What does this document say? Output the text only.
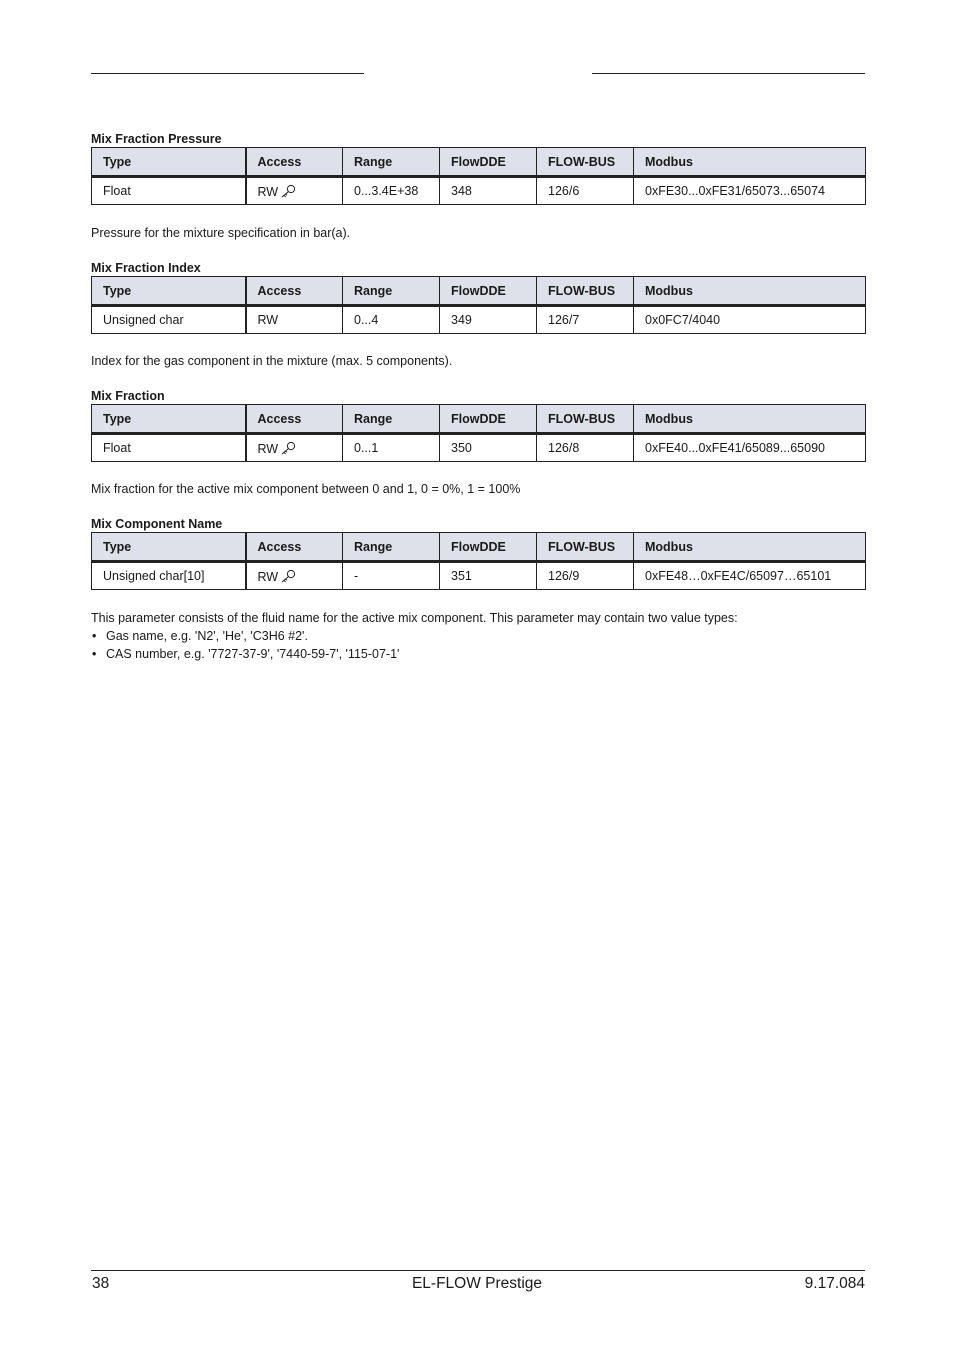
Mix Fraction Pressure
Type	Access	Range	FlowDDE	FLOW-BUS	Modbus
Float	RW	0...3.4E+38	348	126/6	0xFE30...0xFE31/65073...65074
Pressure for the mixture specification in bar(a).
Mix Fraction Index
Type	Access	Range	FlowDDE	FLOW-BUS	Modbus
Unsigned char	RW	0...4	349	126/7	0x0FC7/4040
Index for the gas component in the mixture (max. 5 components).
Mix Fraction
Type	Access	Range	FlowDDE	FLOW-BUS	Modbus
Float	RW	0...1	350	126/8	0xFE40...0xFE41/65089...65090
Mix fraction for the active mix component between 0 and 1, 0 = 0%, 1 = 100%
Mix Component Name
Type	Access	Range	FlowDDE	FLOW-BUS	Modbus
Unsigned char[10]	RW	-	351	126/9	0xFE48…0xFE4C/65097…65101
This parameter consists of the fluid name for the active mix component. This parameter may contain two value types:
• Gas name, e.g. 'N2', 'He', 'C3H6 #2'.
• CAS number, e.g. '7727-37-9', '7440-59-7', '115-07-1'
38	EL-FLOW Prestige	9.17.084
